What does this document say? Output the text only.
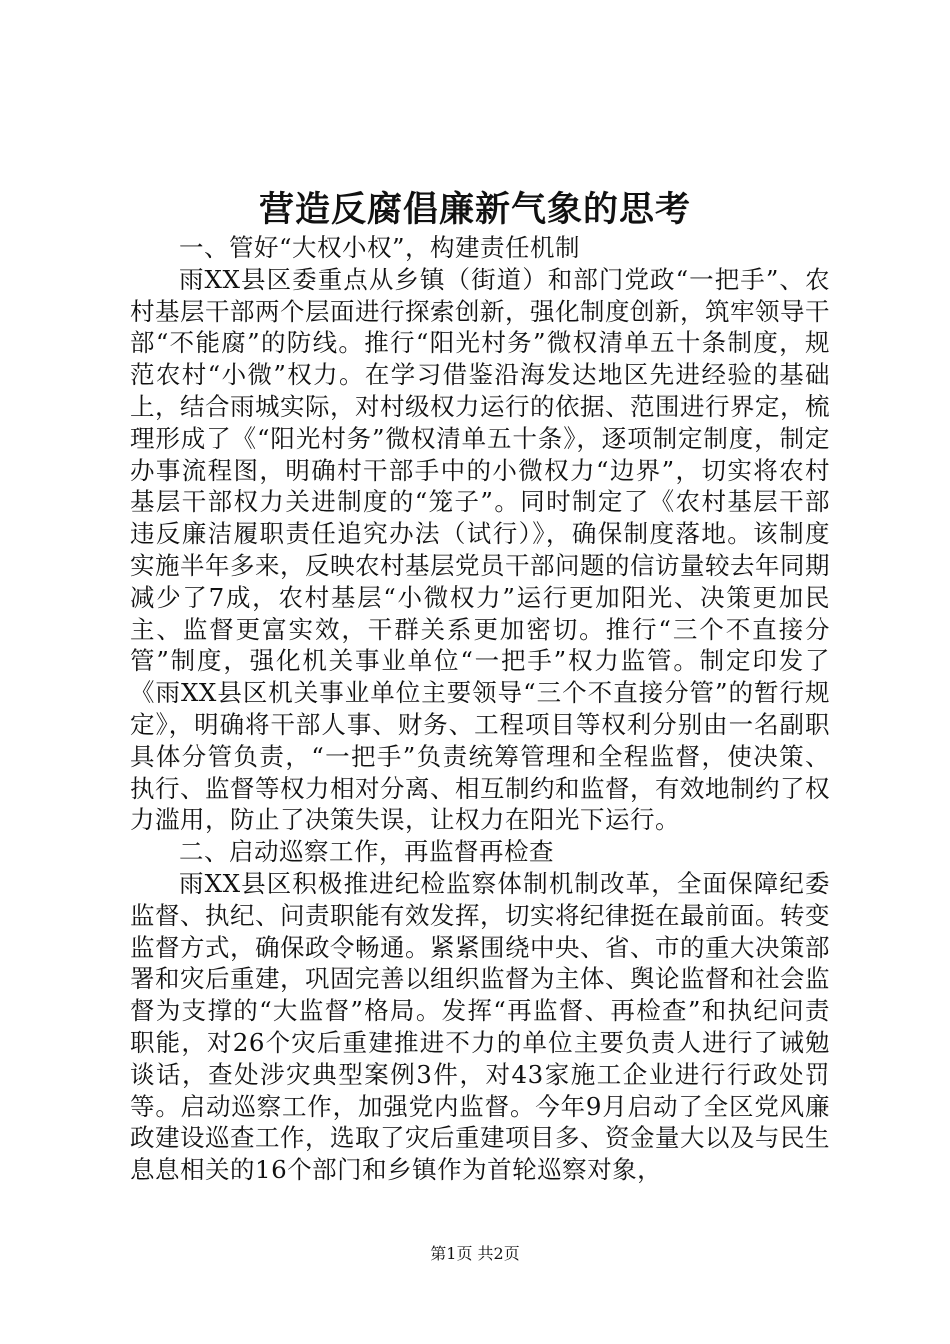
营造反腐倡廉新气象的思考

一、管好“大权小权”，构建责任机制

雨XX县区委重点从乡镇（街道）和部门党政“一把手”、农村基层干部两个层面进行探索创新，强化制度创新，筑牢领导干部“不能腐”的防线。推行“阳光村务”微权清单五十条制度，规范农村“小微”权力。在学习借鉴沿海发达地区先进经验的基础上，结合雨城实际，对村级权力运行的依据、范围进行界定，梳理形成了《“阳光村务”微权清单五十条》，逐项制定制度，制定办事流程图，明确村干部手中的小微权力“边界”，切实将农村基层干部权力关进制度的“笼子”。同时制定了《农村基层干部违反廉洁履职责任追究办法（试行）》，确保制度落地。该制度实施半年多来，反映农村基层党员干部问题的信访量较去年同期减少了7成，农村基层“小微权力”运行更加阳光、决策更加民主、监督更富实效，干群关系更加密切。推行“三个不直接分管”制度，强化机关事业单位“一把手”权力监管。制定印发了《雨XX县区机关事业单位主要领导“三个不直接分管”的暂行规定》，明确将干部人事、财务、工程项目等权利分别由一名副职具体分管负责，“一把手”负责统筹管理和全程监督，使决策、执行、监督等权力相对分离、相互制约和监督，有效地制约了权力滥用，防止了决策失误，让权力在阳光下运行。

二、启动巡察工作，再监督再检查

雨XX县区积极推进纪检监察体制机制改革，全面保障纪委监督、执纪、问责职能有效发挥，切实将纪律挺在最前面。转变监督方式，确保政令畅通。紧紧围绕中央、省、市的重大决策部署和灾后重建，巩固完善以组织监督为主体、舆论监督和社会监督为支撑的“大监督”格局。发挥“再监督、再检查”和执纪问责职能，对26个灾后重建推进不力的单位主要负责人进行了诫勉谈话，查处涉灾典型案例3件，对43家施工企业进行行政处罚等。启动巡察工作，加强党内监督。今年9月启动了全区党风廉政建设巡查工作，选取了灾后重建项目多、资金量大以及与民生息息相关的16个部门和乡镇作为首轮巡察对象，

第1页 共2页
